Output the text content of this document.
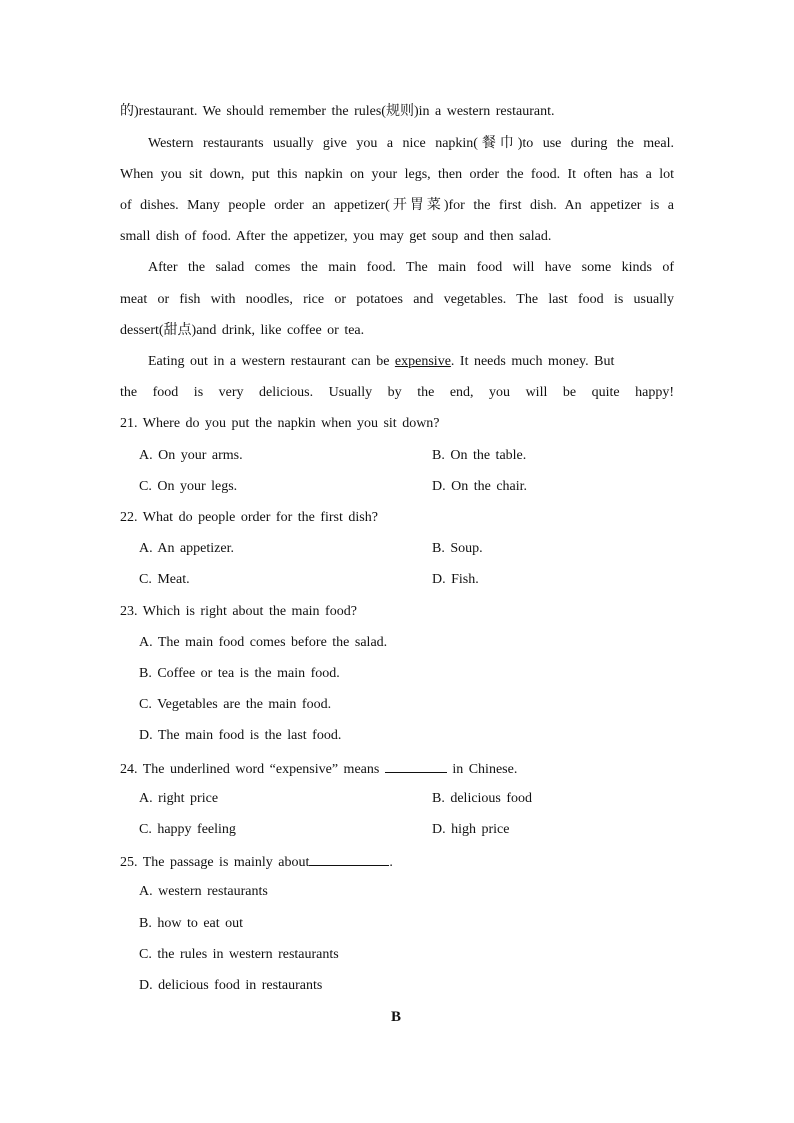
的)restaurant. We should remember the rules(规则)in a western restaurant.
Western restaurants usually give you a nice napkin(餐巾)to use during the meal.
When you sit down, put this napkin on your legs, then order the food. It often has a lot
of dishes. Many people order an appetizer(开胃菜)for the first dish. An appetizer is a
small dish of food. After the appetizer, you may get soup and then salad.
After the salad comes the main food. The main food will have some kinds of
meat or fish with noodles, rice or potatoes and vegetables. The last food is usually
dessert(甜点)and drink, like coffee or tea.
Eating out in a western restaurant can be expensive. It needs much money. But
the food is very delicious. Usually by the end, you will be quite happy!
21. Where do you put the napkin when you sit down?
A. On your arms.	B. On the table.
C. On your legs.	D. On the chair.
22. What do people order for the first dish?
A. An appetizer.	B. Soup.
C. Meat.	D. Fish.
23. Which is right about the main food?
A. The main food comes before the salad.
B. Coffee or tea is the main food.
C. Vegetables are the main food.
D. The main food is the last food.
24. The underlined word “expensive” means	in Chinese.
A. right price	B. delicious food
C. happy feeling	D. high price
25. The passage is mainly about	.
A. western restaurants
B. how to eat out
C. the rules in western restaurants
D. delicious food in restaurants
B
